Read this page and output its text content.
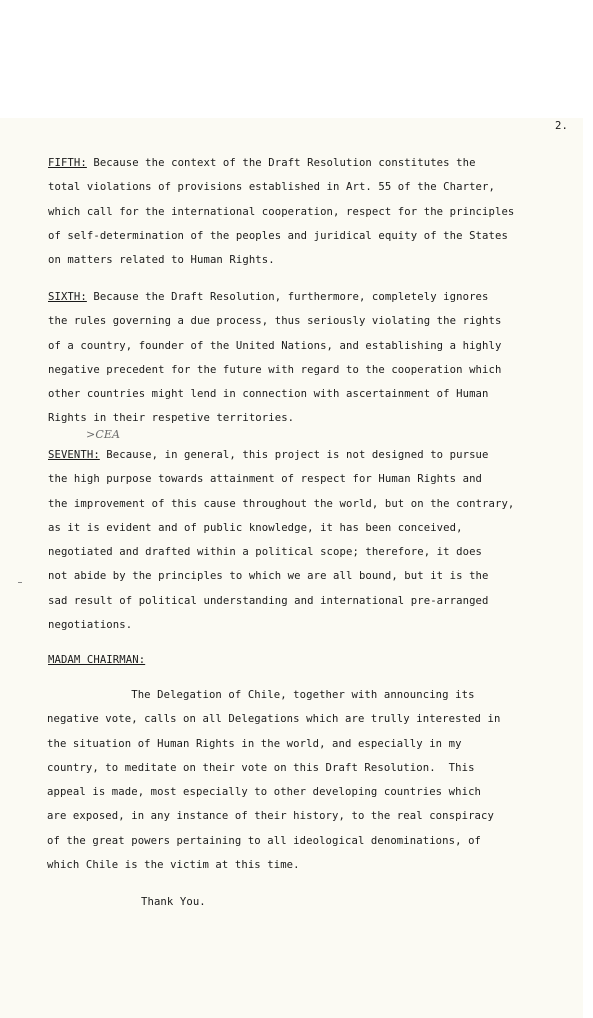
2.
FIFTH: Because the context of the Draft Resolution constitutes the
total violations of provisions established in Art. 55 of the Charter,
which call for the international cooperation, respect for the principles
of self-determination of the peoples and juridical equity of the States
on matters related to Human Rights.
SIXTH: Because the Draft Resolution, furthermore, completely ignores
the rules governing a due process, thus seriously violating the rights
of a country, founder of the United Nations, and establishing a highly
negative precedent for the future with regard to the cooperation which
other countries might lend in connection with ascertainment of Human
Rights in their respetive territories.
>CEA
SEVENTH: Because, in general, this project is not designed to pursue
the high purpose towards attainment of respect for Human Rights and
the improvement of this cause throughout the world, but on the contrary,
as it is evident and of public knowledge, it has been conceived,
negotiated and drafted within a political scope; therefore, it does
not abide by the principles to which we are all bound, but it is the
sad result of political understanding and international pre-arranged
negotiations.
MADAM CHAIRMAN:
The Delegation of Chile, together with announcing its
negative vote, calls on all Delegations which are trully interested in
the situation of Human Rights in the world, and especially in my
country, to meditate on their vote on this Draft Resolution.  This
appeal is made, most especially to other developing countries which
are exposed, in any instance of their history, to the real conspiracy
of the great powers pertaining to all ideological denominations, of
which Chile is the victim at this time.
Thank You.
